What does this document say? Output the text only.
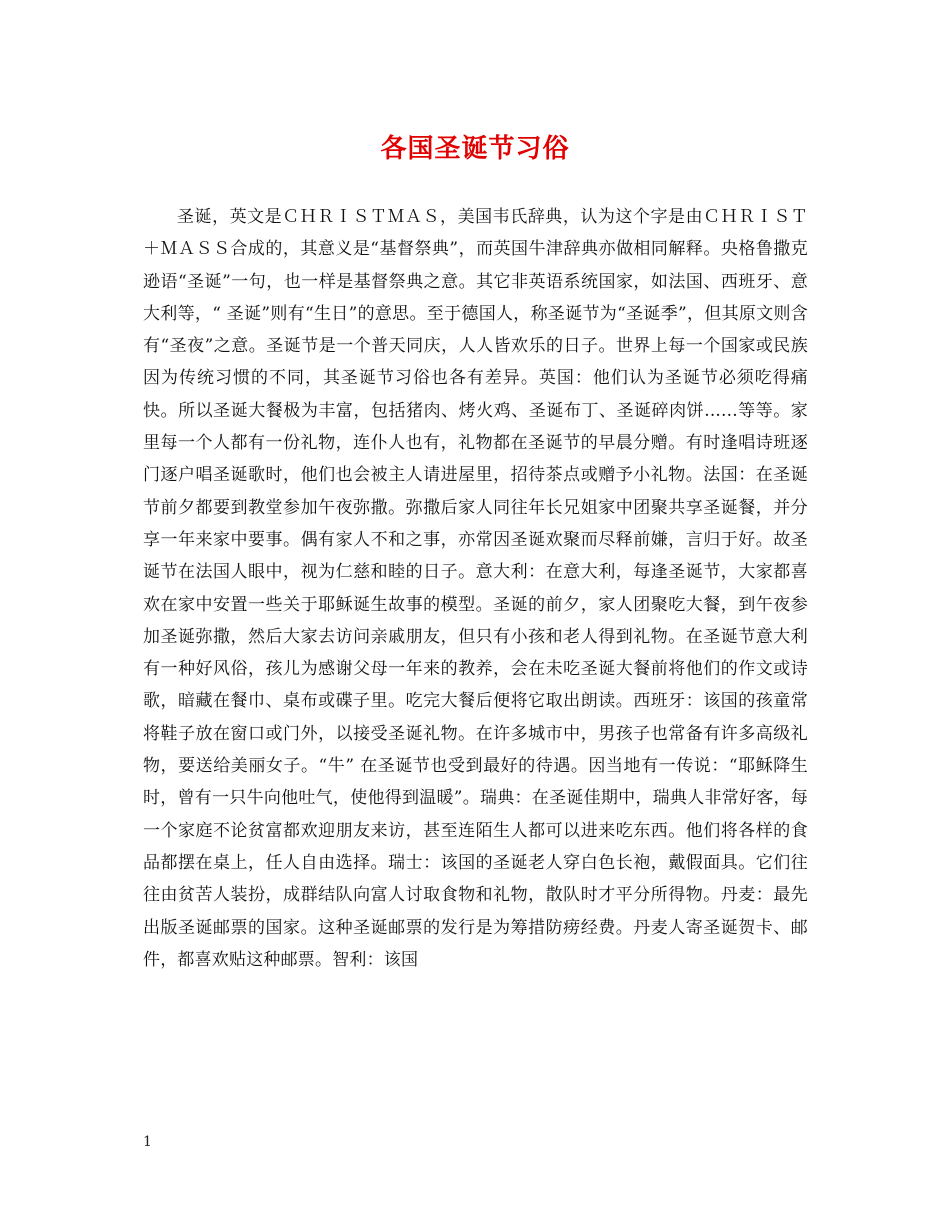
各国圣诞节习俗

圣诞，英文是ＣＨＲＩＳＴＭＡＳ，美国韦氏辞典，认为这个字是由ＣＨＲＩＳＴ＋ＭＡＳＳ合成的，其意义是“基督祭典”，而英国牛津辞典亦做相同解释。央格鲁撒克逊语“圣诞”一句，也一样是基督祭典之意。其它非英语系统国家，如法国、西班牙、意大利等，“ 圣诞”则有“生日”的意思。至于德国人，称圣诞节为“圣诞季”，但其原文则含有“圣夜”之意。圣诞节是一个普天同庆，人人皆欢乐的日子。世界上每一个国家或民族因为传统习惯的不同，其圣诞节习俗也各有差异。英国：他们认为圣诞节必须吃得痛快。所以圣诞大餐极为丰富，包括猪肉、烤火鸡、圣诞布丁、圣诞碎肉饼......等等。家里每一个人都有一份礼物，连仆人也有，礼物都在圣诞节的早晨分赠。有时逢唱诗班逐门逐户唱圣诞歌时，他们也会被主人请进屋里，招待茶点或赠予小礼物。法国：在圣诞节前夕都要到教堂参加午夜弥撒。弥撒后家人同往年长兄姐家中团聚共享圣诞餐，并分享一年来家中要事。偶有家人不和之事，亦常因圣诞欢聚而尽释前嫌，言归于好。故圣诞节在法国人眼中，视为仁慈和睦的日子。意大利：在意大利，每逢圣诞节，大家都喜欢在家中安置一些关于耶稣诞生故事的模型。圣诞的前夕，家人团聚吃大餐，到午夜参加圣诞弥撒，然后大家去访问亲戚朋友，但只有小孩和老人得到礼物。在圣诞节意大利有一种好风俗，孩儿为感谢父母一年来的教养，会在未吃圣诞大餐前将他们的作文或诗歌，暗藏在餐巾、桌布或碟子里。吃完大餐后便将它取出朗读。西班牙：该国的孩童常将鞋子放在窗口或门外，以接受圣诞礼物。在许多城市中，男孩子也常备有许多高级礼物，要送给美丽女子。“牛” 在圣诞节也受到最好的待遇。因当地有一传说：“耶稣降生时，曾有一只牛向他吐气，使他得到温暖”。瑞典：在圣诞佳期中，瑞典人非常好客，每一个家庭不论贫富都欢迎朋友来访，甚至连陌生人都可以进来吃东西。他们将各样的食品都摆在桌上，任人自由选择。瑞士：该国的圣诞老人穿白色长袍，戴假面具。它们往往由贫苦人装扮，成群结队向富人讨取食物和礼物，散队时才平分所得物。丹麦：最先出版圣诞邮票的国家。这种圣诞邮票的发行是为筹措防痨经费。丹麦人寄圣诞贺卡、邮件，都喜欢贴这种邮票。智利：该国

1
